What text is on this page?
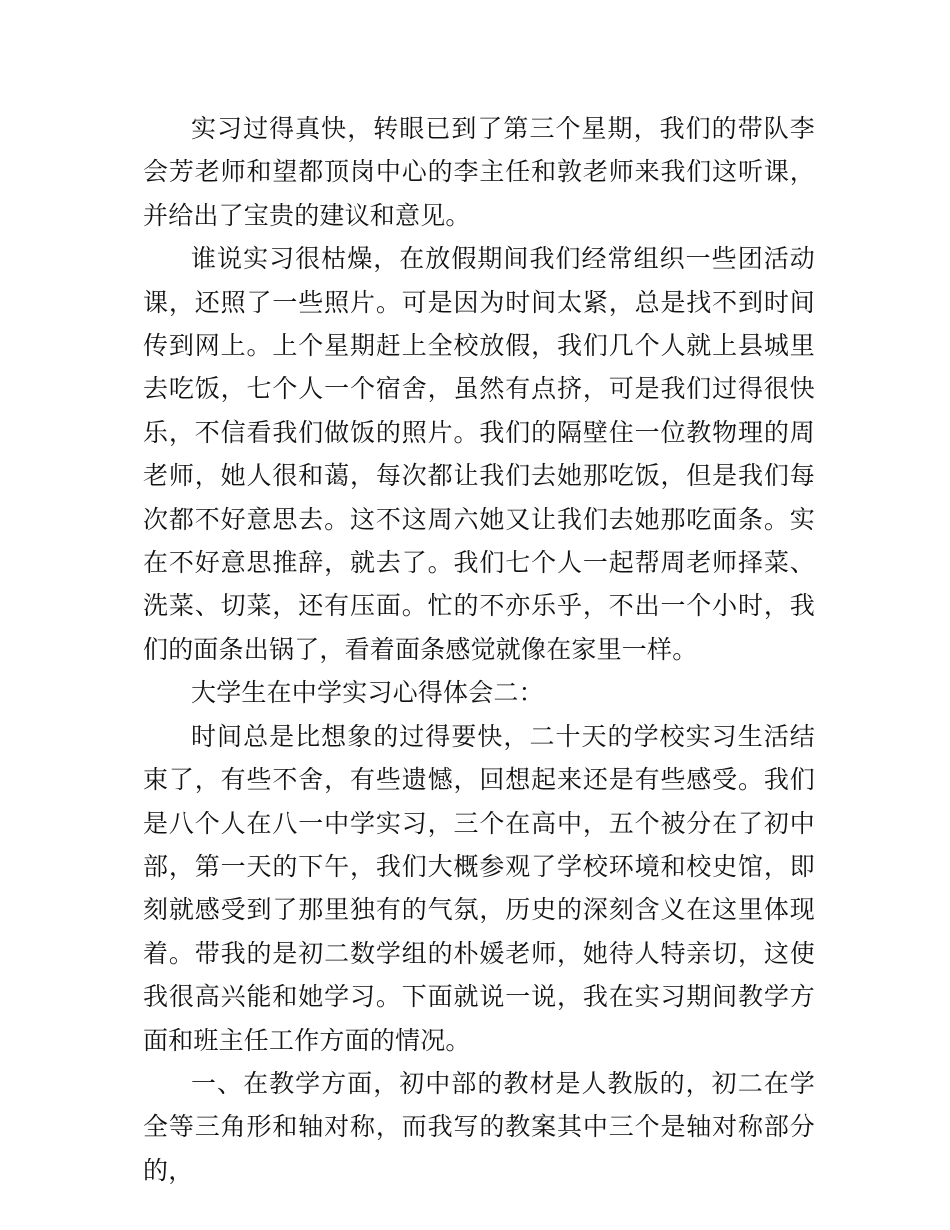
实习过得真快，转眼已到了第三个星期，我们的带队李会芳老师和望都顶岗中心的李主任和敦老师来我们这听课，并给出了宝贵的建议和意见。

谁说实习很枯燥，在放假期间我们经常组织一些团活动课，还照了一些照片。可是因为时间太紧，总是找不到时间传到网上。上个星期赶上全校放假，我们几个人就上县城里去吃饭，七个人一个宿舍，虽然有点挤，可是我们过得很快乐，不信看我们做饭的照片。我们的隔壁住一位教物理的周老师，她人很和蔼，每次都让我们去她那吃饭，但是我们每次都不好意思去。这不这周六她又让我们去她那吃面条。实在不好意思推辞，就去了。我们七个人一起帮周老师择菜、洗菜、切菜，还有压面。忙的不亦乐乎，不出一个小时，我们的面条出锅了，看着面条感觉就像在家里一样。

大学生在中学实习心得体会二：

时间总是比想象的过得要快，二十天的学校实习生活结束了，有些不舍，有些遗憾，回想起来还是有些感受。我们是八个人在八一中学实习，三个在高中，五个被分在了初中部，第一天的下午，我们大概参观了学校环境和校史馆，即刻就感受到了那里独有的气氛，历史的深刻含义在这里体现着。带我的是初二数学组的朴媛老师，她待人特亲切，这使我很高兴能和她学习。下面就说一说，我在实习期间教学方面和班主任工作方面的情况。

一、在教学方面，初中部的教材是人教版的，初二在学全等三角形和轴对称，而我写的教案其中三个是轴对称部分的，
